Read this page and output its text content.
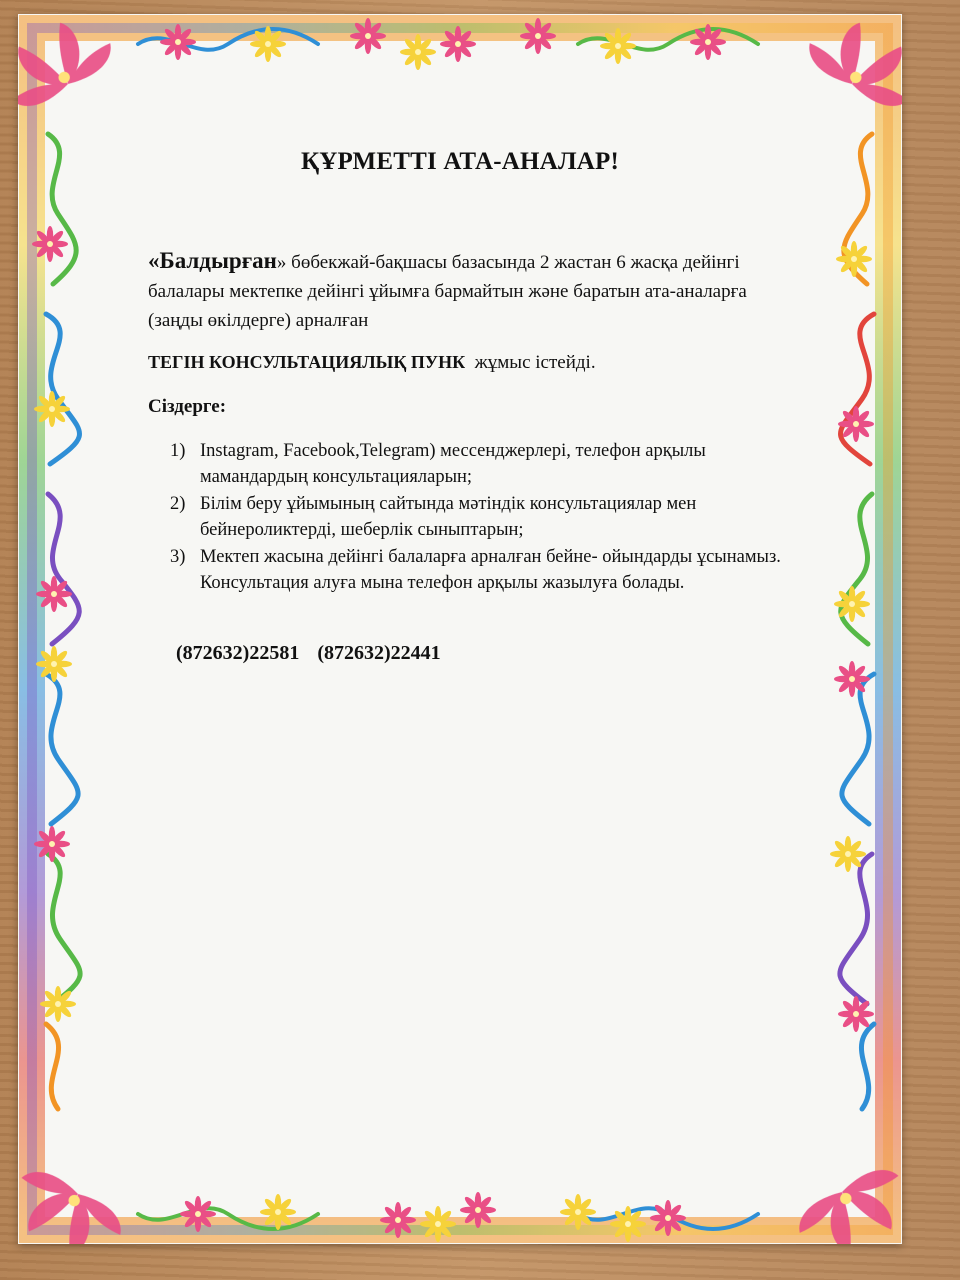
ҚҰРМЕТТІ АТА-АНАЛАР!
«Балдырған» бөбекжай-бақшасы базасында 2 жастан 6 жасқа дейінгі балалары мектепке дейінгі ұйымға бармайтын және баратын ата-аналарға (заңды өкілдерге) арналған
ТЕГІН КОНСУЛЬТАЦИЯЛЫҚ ПУНК жұмыс істейді.
Сіздерге:
1) Instagram, Facebook,Telegram) мессенджерлері, телефон арқылы мамандардың консультацияларын;
2) Білім беру ұйымының сайтында мәтіндік консультациялар мен бейнероликтерді, шеберлік сыныптарын;
3) Мектеп жасына дейінгі балаларға арналған бейне- ойындарды ұсынамыз. Консультация алуға мына телефон арқылы жазылуға болады.
(872632)22581 (872632)22441
